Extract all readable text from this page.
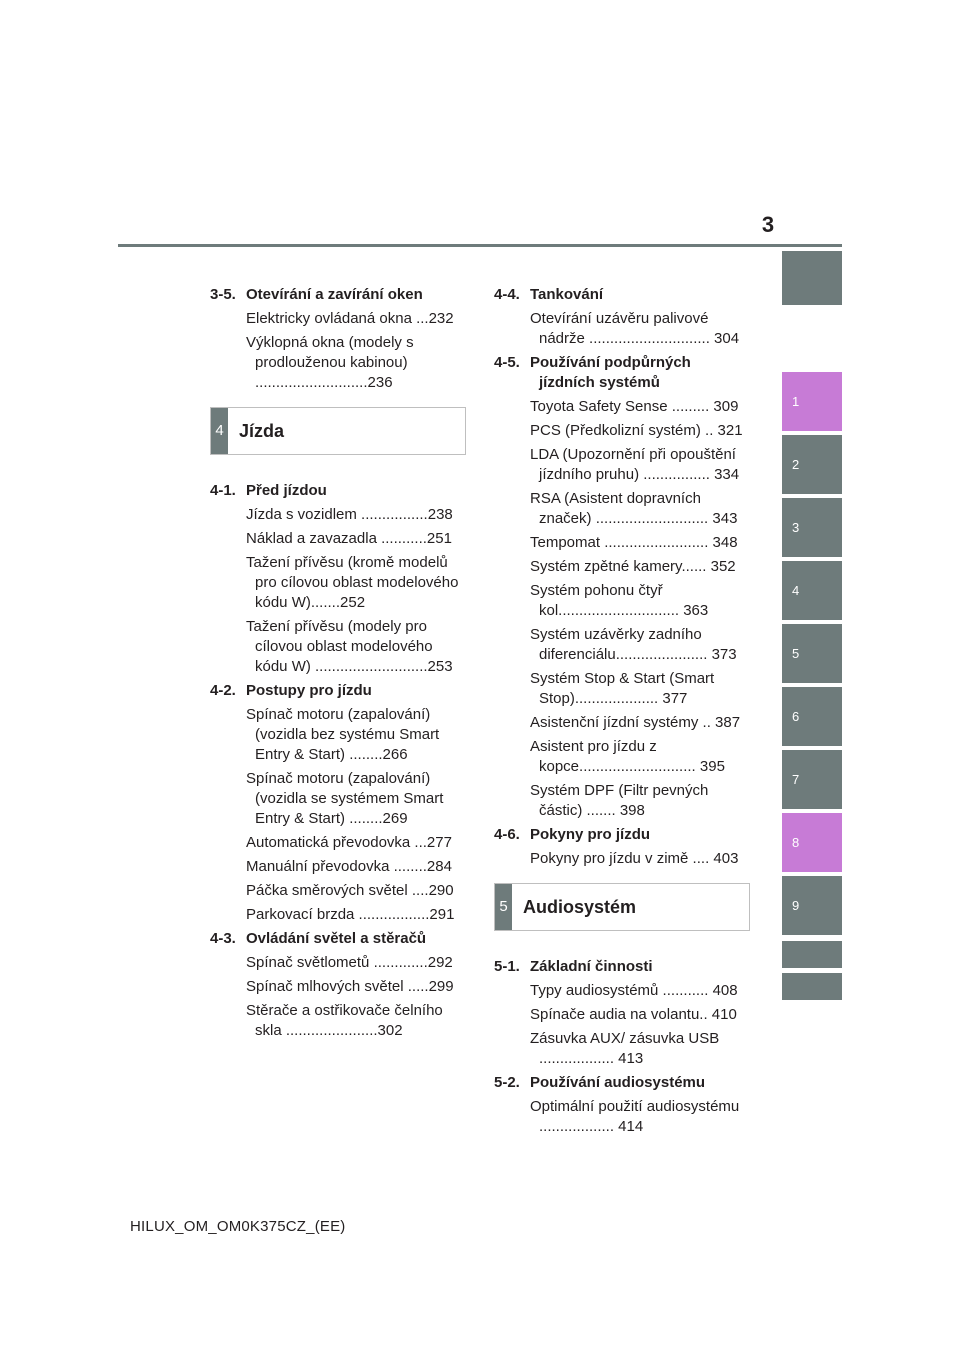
3
1
2
3
4
5
6
7
8
9
3-5. Otevírání a zavírání oken
Elektricky ovládaná okna ...232
Výklopná okna (modely s prodlouženou kabinou) ...........................236
4 Jízda
4-1. Před jízdou
Jízda s vozidlem ................238
Náklad a zavazadla ...........251
Tažení přívěsu (kromě modelů pro cílovou oblast modelového kódu W).......252
Tažení přívěsu (modely pro cílovou oblast modelového kódu W) ...........................253
4-2. Postupy pro jízdu
Spínač motoru (zapalování) (vozidla bez systému Smart Entry & Start) ........266
Spínač motoru (zapalování) (vozidla se systémem Smart Entry & Start) ........269
Automatická převodovka ...277
Manuální převodovka ........284
Páčka směrových světel ....290
Parkovací brzda .................291
4-3. Ovládání světel a stěračů
Spínač světlometů .............292
Spínač mlhových světel .....299
Stěrače a ostřikovače čelního skla ......................302
4-4. Tankování
Otevírání uzávěru palivové nádrže ............................. 304
4-5. Používání podpůrných jízdních systémů
Toyota Safety Sense ......... 309
PCS (Předkolizní systém) .. 321
LDA (Upozornění při opouštění jízdního pruhu) ................ 334
RSA (Asistent dopravních značek) ........................... 343
Tempomat ......................... 348
Systém zpětné kamery...... 352
Systém pohonu čtyř kol............................. 363
Systém uzávěrky zadního diferenciálu...................... 373
Systém Stop & Start (Smart Stop).................... 377
Asistenční jízdní systémy .. 387
Asistent pro jízdu z kopce............................ 395
Systém DPF (Filtr pevných částic) ....... 398
4-6. Pokyny pro jízdu
Pokyny pro jízdu v zimě .... 403
5 Audiosystém
5-1. Základní činnosti
Typy audiosystémů ........... 408
Spínače audia na volantu.. 410
Zásuvka AUX/ zásuvka USB .................. 413
5-2. Používání audiosystému
Optimální použití audiosystému .................. 414
HILUX_OM_OM0K375CZ_(EE)
